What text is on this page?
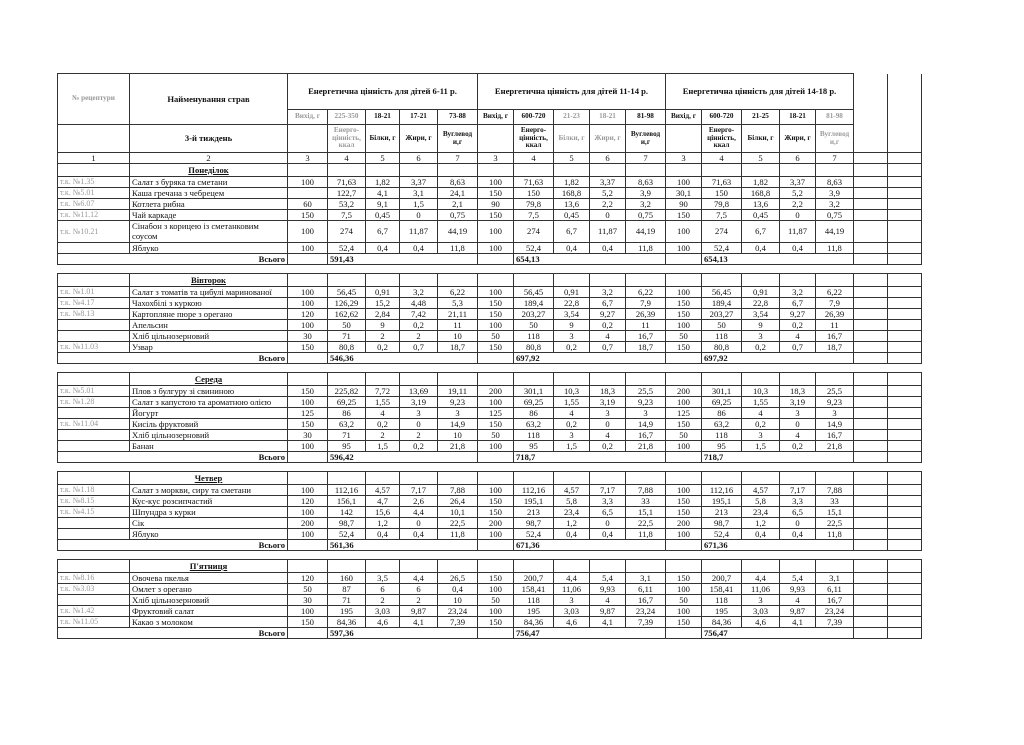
№ рецептури	Найменування страв	Енергетична цінність для дітей 6-11 р.					Енергетична цінність для дітей 11-14 р.					Енергетична цінність для дітей 14-18 р.						
		Вихід, г	225-350	18-21	17-21	73-88	Вихід, г	600-720	21-23	18-21	81-98	Вихід, г	600-720	21-25	18-21	81-98		
	3-й тиждень		Енерго-цінність, ккал	Білки, г	Жири, г	Вуглевод и,г		Енерго-цінність, ккал	Білки, г	Жири, г	Вуглевод и,г		Енерго-цінність, ккал	Білки, г	Жири, г	Вуглевод и,г		
1	2	3	4	5	6	7	3	4	5	6	7	3	4	5	6	7		
	Понеділок																	
т.к. №1.35	Салат з буряка та сметани	100	71,63	1,82	3,37	8,63	100	71,63	1,82	3,37	8,63	100	71,63	1,82	3,37	8,63		
т.к. №5.01	Каша гречана з чебрецем		122,7	4,1	3,1	24,1	150	150	168,8	5,2	3,9	30,1	150	168,8	5,2	3,9		
т.к. №6.07	Котлета рибна	60	53,2	9,1	1,5	2,1	90	79,8	13,6	2,2	3,2	90	79,8	13,6	2,2	3,2		
т.к. №11.12	Чай каркаде	150	7,5	0,45	0	0,75	150	7,5	0,45	0	0,75	150	7,5	0,45	0	0,75		
т.к. №10.21	Сінабон з корицею із сметанковим соусом	100	274	6,7	11,87	44,19	100	274	6,7	11,87	44,19	100	274	6,7	11,87	44,19		
	Яблуко	100	52,4	0,4	0,4	11,8	100	52,4	0,4	0,4	11,8	100	52,4	0,4	0,4	11,8		
Всього			591,43					654,13					654,13					

	Вівторок																	
т.к. №1.01	Салат з томатів та цибулі маринованої	100	56,45	0,91	3,2	6,22	100	56,45	0,91	3,2	6,22	100	56,45	0,91	3,2	6,22		
т.к. №4.17	Чахохбілі з куркою	100	126,29	15,2	4,48	5,3	150	189,4	22,8	6,7	7,9	150	189,4	22,8	6,7	7,9		
т.к. №8.13	Картопляне пюре з орегано	120	162,62	2,84	7,42	21,11	150	203,27	3,54	9,27	26,39	150	203,27	3,54	9,27	26,39		
	Апельсин	100	50	9	0,2	11	100	50	9	0,2	11	100	50	9	0,2	11		
	Хліб цільнозерновий	30	71	2	2	10	50	118	3	4	16,7	50	118	3	4	16,7		
т.к. №11.03	Узвар	150	80,8	0,2	0,7	18,7	150	80,8	0,2	0,7	18,7	150	80,8	0,2	0,7	18,7		
Всього			546,36					697,92					697,92					

	Середа																	
т.к. №5.01	Плов з булгуру зі свининою	150	225,82	7,72	13,69	19,11	200	301,1	10,3	18,3	25,5	200	301,1	10,3	18,3	25,5		
т.к. №1.28	Салат з капустою та ароматною олією	100	69,25	1,55	3,19	9,23	100	69,25	1,55	3,19	9,23	100	69,25	1,55	3,19	9,23		
	Йогурт	125	86	4	3	3	125	86	4	3	3	125	86	4	3	3		
т.к. №11.04	Кисіль фруктовий	150	63,2	0,2	0	14,9	150	63,2	0,2	0	14,9	150	63,2	0,2	0	14,9		
	Хліб цільнозерновий	30	71	2	2	10	50	118	3	4	16,7	50	118	3	4	16,7		
	Банан	100	95	1,5	0,2	21,8	100	95	1,5	0,2	21,8	100	95	1,5	0,2	21,8		
Всього			596,42					718,7					718,7					

	Четвер																	
т.к. №1.18	Салат з моркви, сиру та сметани	100	112,16	4,57	7,17	7,88	100	112,16	4,57	7,17	7,88	100	112,16	4,57	7,17	7,88		
т.к. №8.15	Кус-кус розсипчастий	120	156,1	4,7	2,6	26,4	150	195,1	5,8	3,3	33	150	195,1	5,8	3,3	33		
т.к. №4.15	Шпундра з курки	100	142	15,6	4,4	10,1	150	213	23,4	6,5	15,1	150	213	23,4	6,5	15,1		
	Сік	200	98,7	1,2	0	22,5	200	98,7	1,2	0	22,5	200	98,7	1,2	0	22,5		
	Яблуко	100	52,4	0,4	0,4	11,8	100	52,4	0,4	0,4	11,8	100	52,4	0,4	0,4	11,8		
Всього			561,36					671,36					671,36					

	П'ятниця																	
т.к. №8.16	Овочева пкелья	120	160	3,5	4,4	26,5	150	200,7	4,4	5,4	3,1	150	200,7	4,4	5,4	3,1		
т.к. №3.03	Омлет з орегано	50	87	6	6	0,4	100	158,41	11,06	9,93	6,11	100	158,41	11,06	9,93	6,11		
	Хліб цільнозерновий	30	71	2	2	10	50	118	3	4	16,7	50	118	3	4	16,7		
т.к. №1.42	Фруктовий салат	100	195	3,03	9,87	23,24	100	195	3,03	9,87	23,24	100	195	3,03	9,87	23,24		
т.к. №11.05	Какао з молоком	150	84,36	4,6	4,1	7,39	150	84,36	4,6	4,1	7,39	150	84,36	4,6	4,1	7,39		
Всього			597,36					756,47					756,47					
